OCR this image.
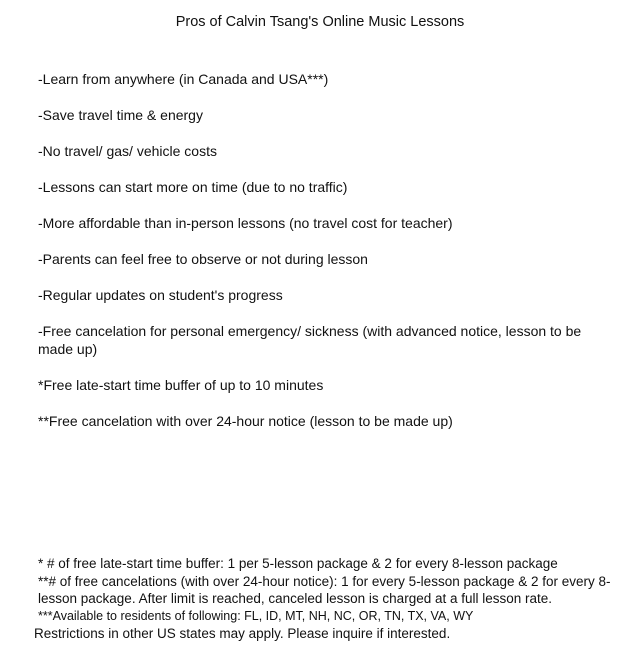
Pros of Calvin Tsang's Online Music Lessons
-Learn from anywhere (in Canada and USA***)
-Save travel time & energy
-No travel/ gas/ vehicle costs
-Lessons can start more on time (due to no traffic)
-More affordable than in-person lessons (no travel cost for teacher)
-Parents can feel free to observe or not during lesson
-Regular updates on student's progress
-Free cancelation for personal emergency/ sickness (with advanced notice, lesson to be made up)
*Free late-start time buffer of up to 10 minutes
**Free cancelation with over 24-hour notice (lesson to be made up)
* # of free late-start time buffer: 1 per 5-lesson package & 2 for every 8-lesson package
**# of free cancelations (with over 24-hour notice): 1 for every 5-lesson package & 2 for every 8-lesson package. After limit is reached, canceled lesson is charged at a full lesson rate.
***Available to residents of following: FL, ID, MT, NH, NC, OR, TN, TX, VA, WY
Restrictions in other US states may apply. Please inquire if interested.
